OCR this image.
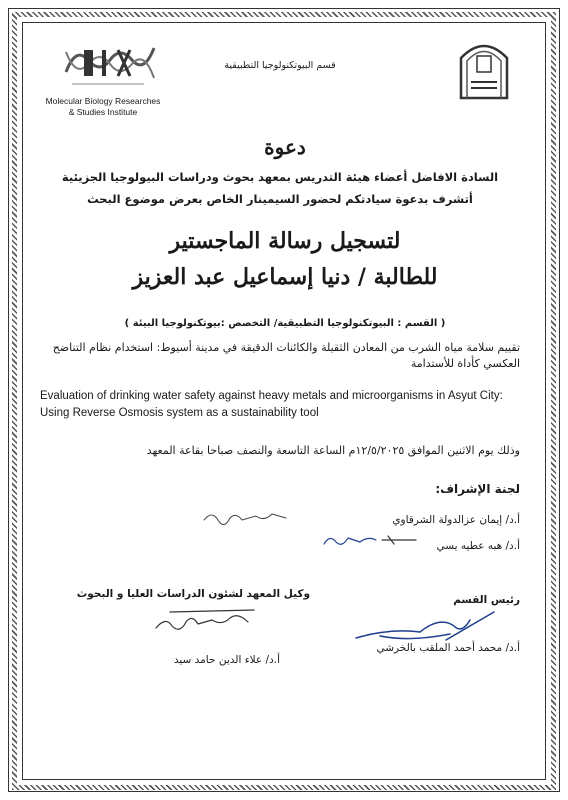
Molecular Biology Researches
& Studies Institute
قسم البيوتكنولوجيا التطبيقية
دعوة
السادة الافاضل أعضاء هيئة التدريس بمعهد بحوث ودراسات البيولوجيا الجزيئية
أتشرف بدعوة سيادتكم لحضور السيمينار الخاص بعرض موضوع البحث
لتسجيل رسالة الماجستير
للطالبة / دنيا إسماعيل عبد العزيز
( القسم : البيوتكنولوجيا التطبيقية/ التخصص :بيوتكنولوجيا البيئة )
تقييم سلامة مياه الشرب من المعادن الثقيلة والكائنات الدقيقة في مدينة أسيوط: استخدام نظام التناضح العكسي كأداة للأستدامة
Evaluation of drinking water safety against heavy metals and microorganisms in Asyut City: Using Reverse Osmosis system as a sustainability tool
وذلك يوم الاثنين الموافق ١٢/٥/٢٠٢٥م الساعة التاسعة والنصف صباحا بقاعة المعهد
لجنة الإشراف:
أ.د/ إيمان عزالدولة الشرقاوي
أ.د/ هبه عطيه يسي
رئيس القسم
أ.د/ محمد أحمد الملقب بالخرشي
وكيل المعهد لشئون الدراسات العليا و البحوث
أ.د/ علاء الدين حامد سيد
